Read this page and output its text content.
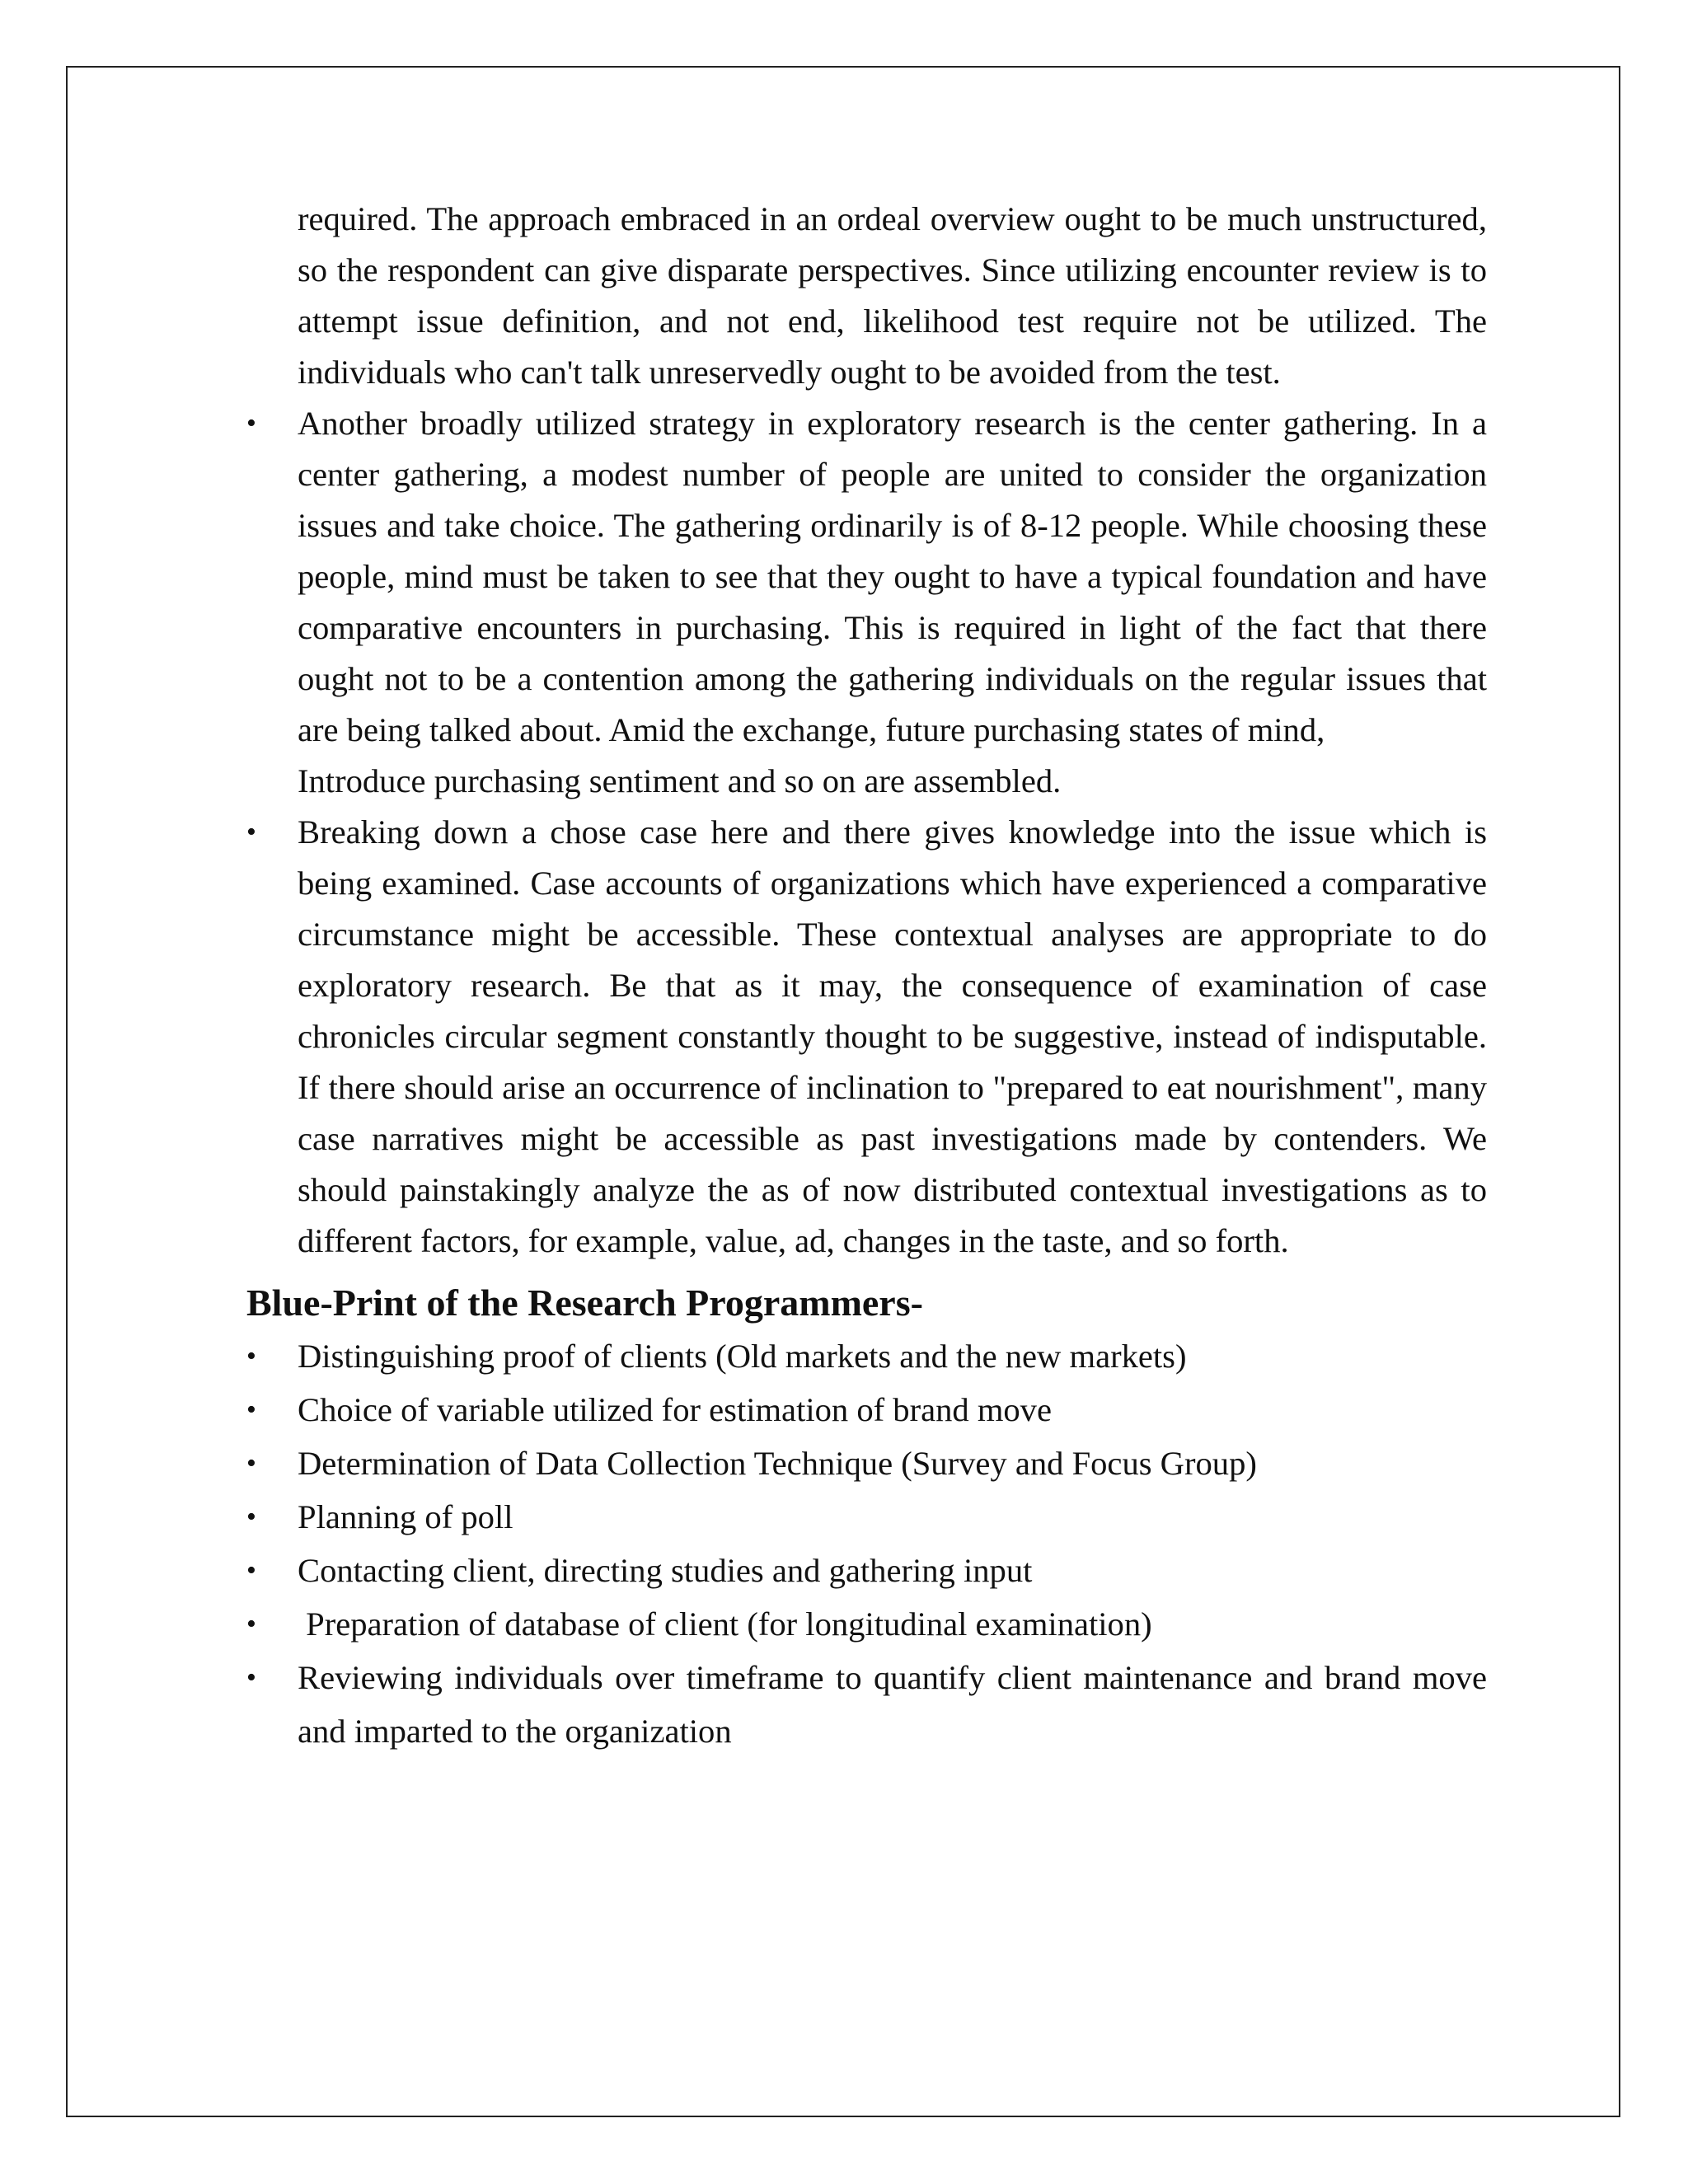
required. The approach embraced in an ordeal overview ought to be much unstructured, so the respondent can give disparate perspectives. Since utilizing encounter review is to attempt issue definition, and not end, likelihood test require not be utilized. The individuals who can't talk unreservedly ought to be avoided from the test.

•	Another broadly utilized strategy in exploratory research is the center gathering. In a center gathering, a modest number of people are united to consider the organization issues and take choice. The gathering ordinarily is of 8-12 people. While choosing these people, mind must be taken to see that they ought to have a typical foundation and have comparative encounters in purchasing. This is required in light of the fact that there ought not to be a contention among the gathering individuals on the regular issues that are being talked about. Amid the exchange, future purchasing states of mind,
Introduce purchasing sentiment and so on are assembled.
•	Breaking down a chose case here and there gives knowledge into the issue which is being examined. Case accounts of organizations which have experienced a comparative circumstance might be accessible. These contextual analyses are appropriate to do exploratory research. Be that as it may, the consequence of examination of case chronicles circular segment constantly thought to be suggestive, instead of indisputable. If there should arise an occurrence of inclination to "prepared to eat nourishment", many case narratives might be accessible as past investigations made by contenders. We should painstakingly analyze the as of now distributed contextual investigations as to different factors, for example, value, ad, changes in the taste, and so forth.
Blue-Print of the Research Programmers-
• Distinguishing proof of clients (Old markets and the new markets)
• Choice of variable utilized for estimation of brand move
• Determination of Data Collection Technique (Survey and Focus Group)
• Planning of poll
• Contacting client, directing studies and gathering input
• Preparation of database of client (for longitudinal examination)
• Reviewing individuals over timeframe to quantify client maintenance and brand move and imparted to the organization
